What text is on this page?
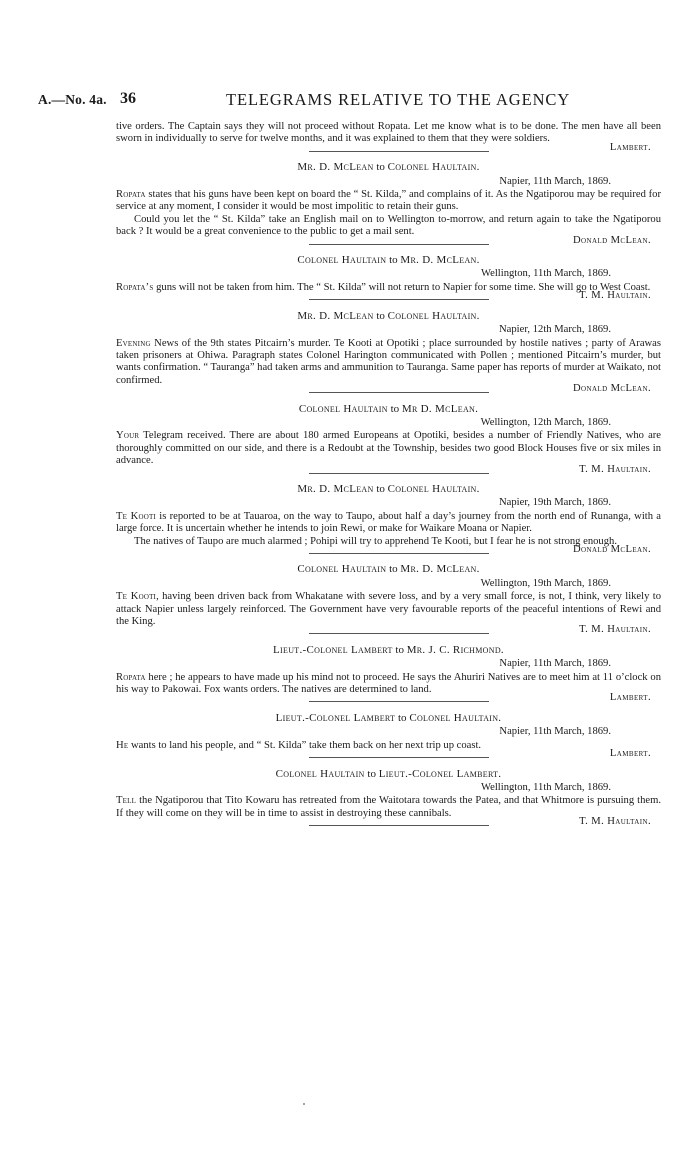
A.—No. 4a. 36	TELEGRAMS RELATIVE TO THE AGENCY

tive orders. The Captain says they will not proceed without Ropata. Let me know what is to be done. The men have all been sworn in individually to serve for twelve months, and it was explained to them that they were soldiers.

Lambert.

Mr. D. McLean to Colonel Haultain.
Napier, 11th March, 1869.

Ropata states that his guns have been kept on board the “ St. Kilda,” and complains of it. As the Ngatiporou may be required for service at any moment, I consider it would be most impolitic to retain their guns.

Could you let the “ St. Kilda” take an English mail on to Wellington to-morrow, and return again to take the Ngatiporou back ? It would be a great convenience to the public to get a mail sent.

Donald McLean.

Colonel Haultain to Mr. D. McLean.
Wellington, 11th March, 1869.

Ropata’s guns will not be taken from him. The “ St. Kilda” will not return to Napier for some time. She will go to West Coast.

T. M. Haultain.

Mr. D. McLean to Colonel Haultain.
Napier, 12th March, 1869.

Evening News of the 9th states Pitcairn’s murder. Te Kooti at Opotiki ; place surrounded by hostile natives ; party of Arawas taken prisoners at Ohiwa. Paragraph states Colonel Harington communicated with Pollen ; mentioned Pitcairn’s murder, but wants confirmation. “ Tauranga” had taken arms and ammunition to Tauranga. Same paper has reports of murder at Waikato, not confirmed.

Donald McLean.

Colonel Haultain to Mr D. McLean.
Wellington, 12th March, 1869.

Your Telegram received. There are about 180 armed Europeans at Opotiki, besides a number of Friendly Natives, who are thoroughly committed on our side, and there is a Redoubt at the Township, besides two good Block Houses five or six miles in advance.

T. M. Haultain.

Mr. D. McLean to Colonel Haultain.
Napier, 19th March, 1869.

Te Kooti is reported to be at Tauaroa, on the way to Taupo, about half a day’s journey from the north end of Runanga, with a large force. It is uncertain whether he intends to join Rewi, or make for Waikare Moana or Napier.

The natives of Taupo are much alarmed ; Pohipi will try to apprehend Te Kooti, but I fear he is not strong enough.

Donald McLean.

Colonel Haultain to Mr. D. McLean.
Wellington, 19th March, 1869.

Te Kooti, having been driven back from Whakatane with severe loss, and by a very small force, is not, I think, very likely to attack Napier unless largely reinforced. The Government have very favourable reports of the peaceful intentions of Rewi and the King.

T. M. Haultain.

Lieut.-Colonel Lambert to Mr. J. C. Richmond.
Napier, 11th March, 1869.

Ropata here ; he appears to have made up his mind not to proceed. He says the Ahuriri Natives are to meet him at 11 o’clock on his way to Pakowai. Fox wants orders. The natives are determined to land.

Lambert.

Lieut.-Colonel Lambert to Colonel Haultain.
Napier, 11th March, 1869.

He wants to land his people, and “ St. Kilda” take them back on her next trip up coast.

Lambert.

Colonel Haultain to Lieut.-Colonel Lambert.
Wellington, 11th March, 1869.

Tell the Ngatiporou that Tito Kowaru has retreated from the Waitotara towards the Patea, and that Whitmore is pursuing them. If they will come on they will be in time to assist in destroying these cannibals.

T. M. Haultain.
